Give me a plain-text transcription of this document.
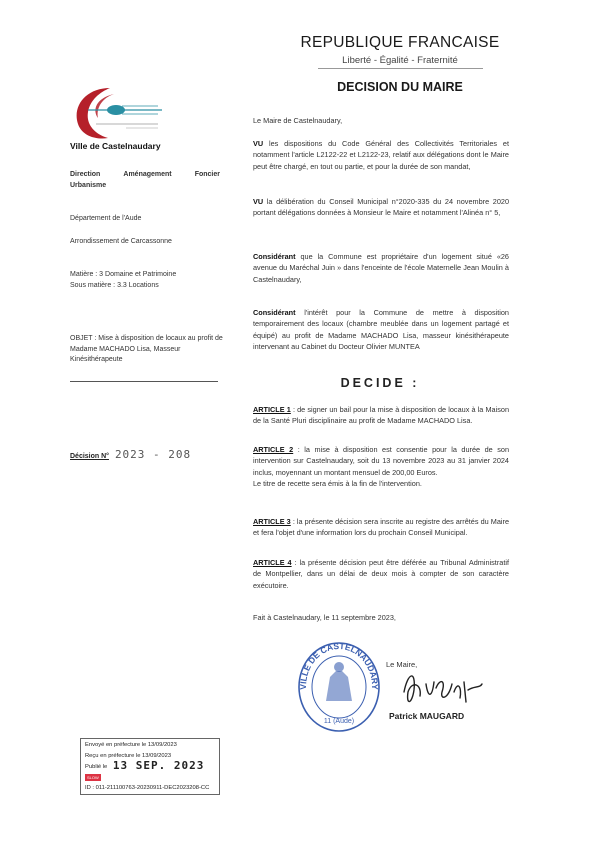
REPUBLIQUE FRANCAISE
Liberté - Égalité - Fraternité
DECISION DU MAIRE
Ville de Castelnaudary
Direction	Aménagement	Foncier
Urbanisme
Département de l'Aude
Arrondissement de Carcassonne
Matière : 3 Domaine et Patrimoine
Sous matière : 3.3 Locations
OBJET : Mise à disposition de locaux au profit de Madame MACHADO Lisa, Masseur Kinésithérapeute
Décision N° 2023 - 208
Le Maire de Castelnaudary,
VU les dispositions du Code Général des Collectivités Territoriales et notamment l'article L2122-22 et L2122-23, relatif aux délégations dont le Maire peut être chargé, en tout ou partie, et pour la durée de son mandat,
VU la délibération du Conseil Municipal n°2020-335 du 24 novembre 2020 portant délégations données à Monsieur le Maire et notamment l'Alinéa n° 5,
Considérant que la Commune est propriétaire d'un logement situé «26 avenue du Maréchal Juin » dans l'enceinte de l'école Maternelle Jean Moulin à Castelnaudary,
Considérant l'intérêt pour la Commune de mettre à disposition temporairement des locaux (chambre meublée dans un logement partagé et équipé) au profit de Madame MACHADO Lisa, masseur kinésithérapeute intervenant au Cabinet du Docteur Olivier MUNTEA
DECIDE :
ARTICLE 1 : de signer un bail pour la mise à disposition de locaux à la Maison de la Santé Pluri disciplinaire au profit de Madame MACHADO Lisa.
ARTICLE 2 : la mise à disposition est consentie pour la durée de son intervention sur Castelnaudary, soit du 13 novembre 2023 au 31 janvier 2024 inclus, moyennant un montant mensuel de 200,00 Euros.
Le titre de recette sera émis à la fin de l'intervention.
ARTICLE 3 : la présente décision sera inscrite au registre des arrêtés du Maire et fera l'objet d'une information lors du prochain Conseil Municipal.
ARTICLE 4 : la présente décision peut être déférée au Tribunal Administratif de Montpellier, dans un délai de deux mois à compter de son caractère exécutoire.
Fait à Castelnaudary, le 11 septembre 2023,
VILLE DE CASTELNAUDARY
11 (Aude)
Le Maire,
Patrick MAUGARD
Envoyé en préfecture le 13/09/2023
Reçu en préfecture le 13/09/2023
Publié le 13 SEP. 2023 SLOW
ID : 011-211100763-20230911-DEC2023208-CC
